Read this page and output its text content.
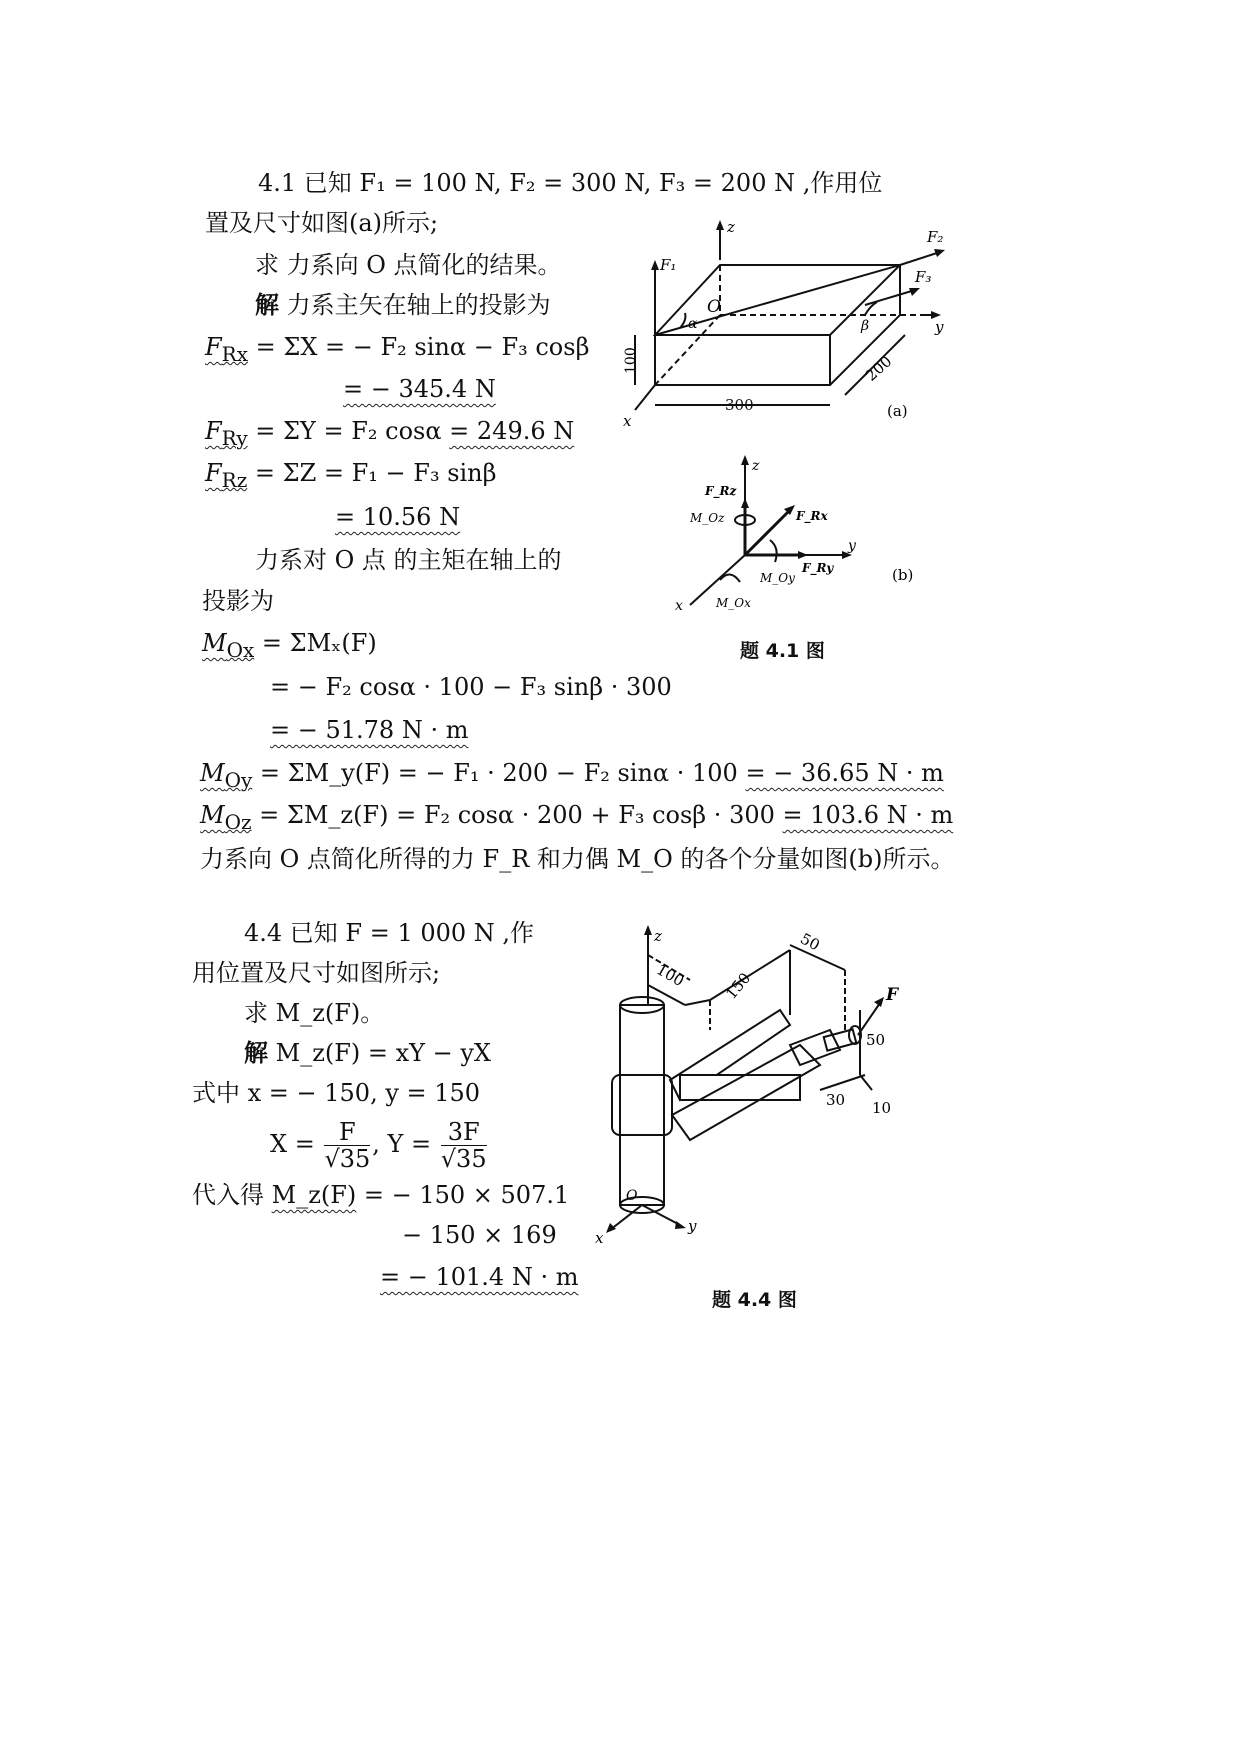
4.1 已知 F₁ = 100 N, F₂ = 300 N, F₃ = 200 N ,作用位
置及尺寸如图(a)所示;
求 力系向 O 点简化的结果。
解 力系主矢在轴上的投影为
$F_{Rx} = \Sigma X$ = − F₂ sinα − F₃ cosβ
= − 345.4 N
$F_{Ry} = \Sigma Y = F_2$ cosα = 249.6 N
$F_{Rz} = \Sigma Z = F_1 - F_3$ sinβ
= 10.56 N
力系对 O 点 的主矩在轴上的
投影为
$M_{Ox} = \Sigma M_x(F)$
= − F₂ cosα · 100 − F₃ sinβ · 300
= − 51.78 N · m
$M_{Oy}$ = ΣM_y(F) = − F₁ · 200 − F₂ sinα · 100 = − 36.65 N · m
$M_{Oz}$ = ΣM_z(F) = F₂ cosα · 200 + F₃ cosβ · 300 = 103.6 N · m
力系向 O 点简化所得的力 F_R 和力偶 M_O 的各个分量如图(b)所示。
z
y
x
O
F₁
F₂
F₃
α	β
100
300
200
(a)
z
y
x
F_Rz
F_Rx
F_Ry
M_Oz
M_Oy
M_Ox
(b)
题 4.1 图
4.4 已知 F = 1 000 N ,作
用位置及尺寸如图所示;
求 M_z(F)。
解 M_z(F) = xY − yX
式中 x = − 150, y = 150
$X = \frac{F}{√35}$ , $Y = \frac{3F}{√35}$
代入得 M_z(F) = − 150 × 507.1
− 150 × 169
= − 101.4 N · m
z
x
y
F
O
100 150
50
50
30 10
题 4.4 图
